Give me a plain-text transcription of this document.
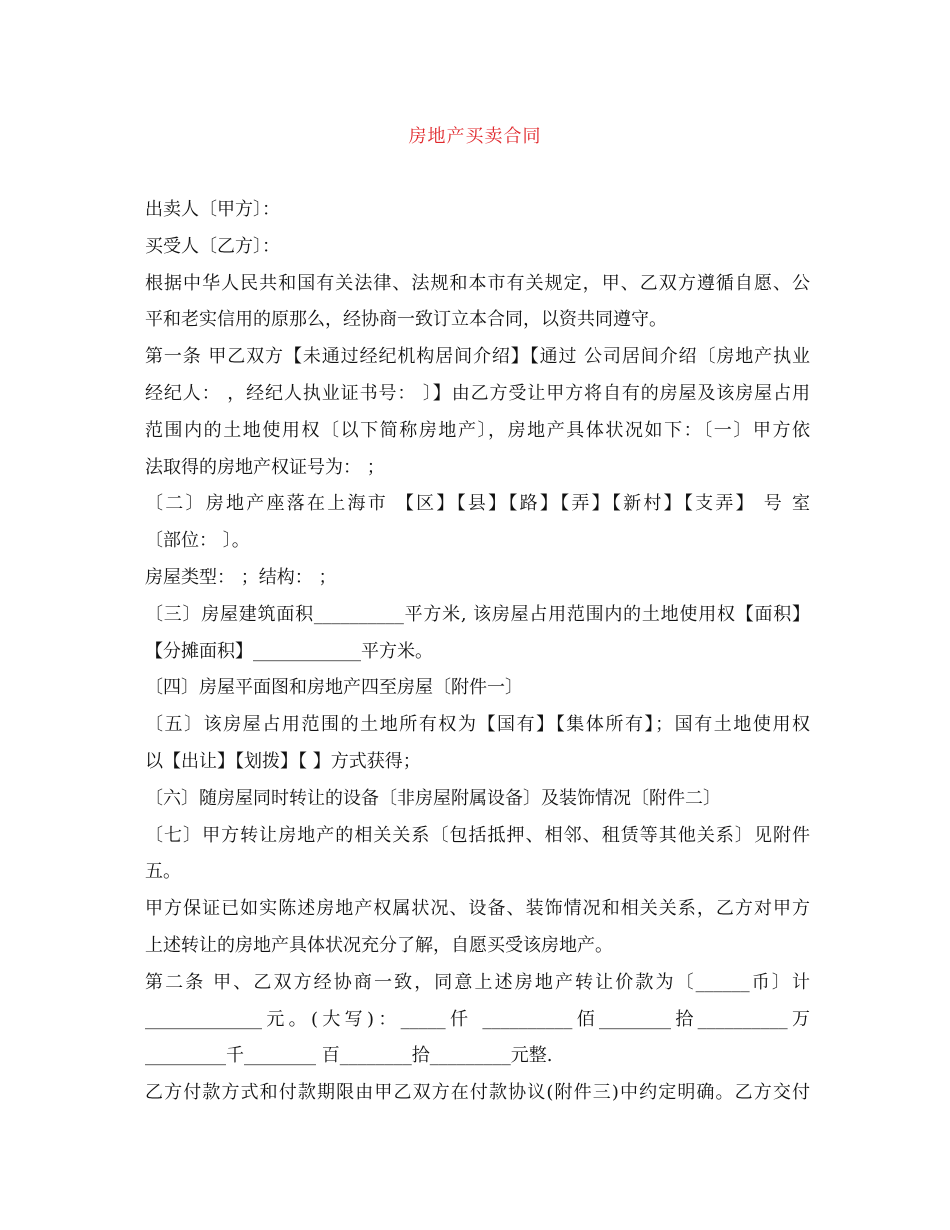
房地产买卖合同
出卖人〔甲方〕：
买受人〔乙方〕：
根据中华人民共和国有关法律、法规和本市有关规定，甲、乙双方遵循自愿、公
平和老实信用的原那么，经协商一致订立本合同，以资共同遵守。
第一条 甲乙双方【未通过经纪机构居间介绍】【通过 公司居间介绍〔房地产执业
经纪人： ，经纪人执业证书号： 〕】由乙方受让甲方将自有的房屋及该房屋占用
范围内的土地使用权〔以下简称房地产〕，房地产具体状况如下：〔一〕甲方依
法取得的房地产权证号为： ；
〔二〕房地产座落在上海市 【区】【县】【路】【弄】【新村】【支弄】 号 室
〔部位： 〕。
房屋类型： ；结构： ；
〔三〕房屋建筑面积__________平方米, 该房屋占用范围内的土地使用权【面积】
【分摊面积】____________平方米。
〔四〕房屋平面图和房地产四至房屋〔附件一〕
〔五〕该房屋占用范围的土地所有权为【国有】【集体所有】；国有土地使用权
以【出让】【划拨】【 】方式获得；
〔六〕随房屋同时转让的设备〔非房屋附属设备〕及装饰情况〔附件二〕
〔七〕甲方转让房地产的相关关系〔包括抵押、相邻、租赁等其他关系〕见附件
五。
甲方保证已如实陈述房地产权属状况、设备、装饰情况和相关关系，乙方对甲方
上述转让的房地产具体状况充分了解，自愿买受该房地产。
第二条 甲、乙双方经协商一致，同意上述房地产转让价款为〔______币〕计
_____________元。(大写)：_____仟 __________佰________拾__________万
_________千________ 百________拾_________元整.
乙方付款方式和付款期限由甲乙双方在付款协议(附件三)中约定明确。乙方交付
